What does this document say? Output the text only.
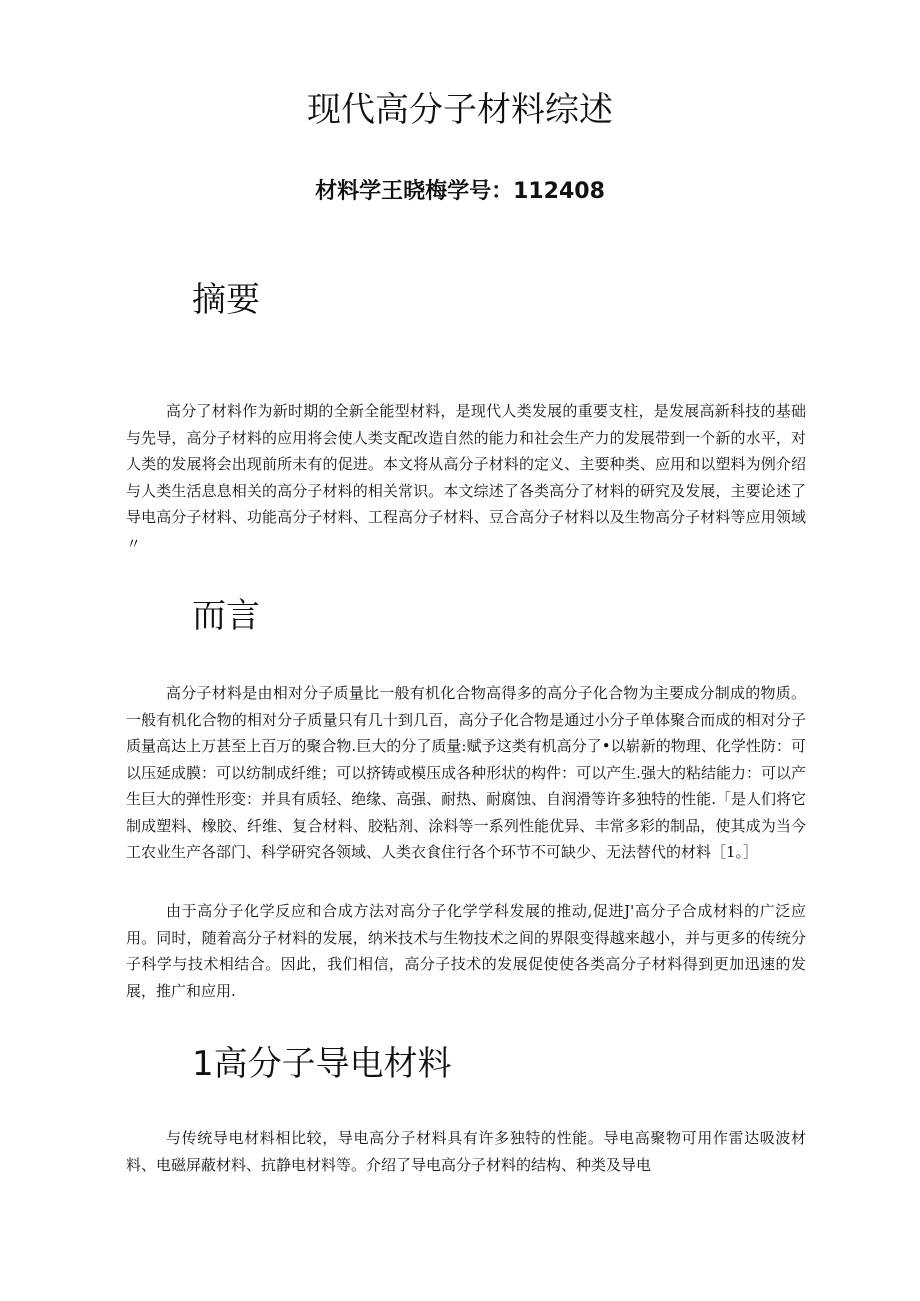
现代高分子材料综述
材料学王晓梅学号：112408
摘要

高分了材料作为新时期的全新全能型材料，是现代人类发展的重要支柱，是发展高新科技的基础与先导，高分子材料的应用将会使人类支配改造自然的能力和社会生产力的发展带到一个新的水平，对人类的发展将会出现前所未有的促进。本文将从高分子材料的定义、主要种类、应用和以塑料为例介绍与人类生活息息相关的高分子材料的相关常识。本文综述了各类高分了材料的研究及发展，主要论述了导电高分子材料、功能高分子材料、工程高分子材料、豆合高分子材料以及生物高分子材料等应用领域〃

而言

高分子材料是由相对分子质量比一般有机化合物高得多的高分子化合物为主要成分制成的物质。一般有机化合物的相对分子质量只有几十到几百，高分子化合物是通过小分子单体聚合而成的相对分子质量高达上万甚至上百万的聚合物.巨大的分了质量:赋予这类有机高分了•以崭新的物理、化学性防：可以压延成膜：可以纺制成纤维；可以挤铸或模压成各种形状的构件：可以产生.强大的粘结能力：可以产生巨大的弹性形变：并具有质轻、绝缘、高强、耐热、耐腐蚀、自润滑等许多独特的性能.「是人们将它制成塑料、橡胶、纤维、复合材料、胶粘剂、涂料等一系列性能优异、丰常多彩的制品，使其成为当今工农业生产各部门、科学研究各领域、人类衣食住行各个环节不可缺少、无法替代的材料［1。］

由于高分子化学反应和合成方法对高分子化学学科发展的推动,促进J'高分子合成材料的广泛应用。同时，随着高分子材料的发展，纳米技术与生物技术之间的界限变得越来越小，并与更多的传统分子科学与技术相结合。因此，我们相信，高分子技术的发展促使使各类高分子材料得到更加迅速的发展，推广和应用.

1高分子导电材料

与传统导电材料相比较，导电高分子材料具有许多独特的性能。导电高聚物可用作雷达吸波材料、电磁屏蔽材料、抗静电材料等。介绍了导电高分子材料的结构、种类及导电
